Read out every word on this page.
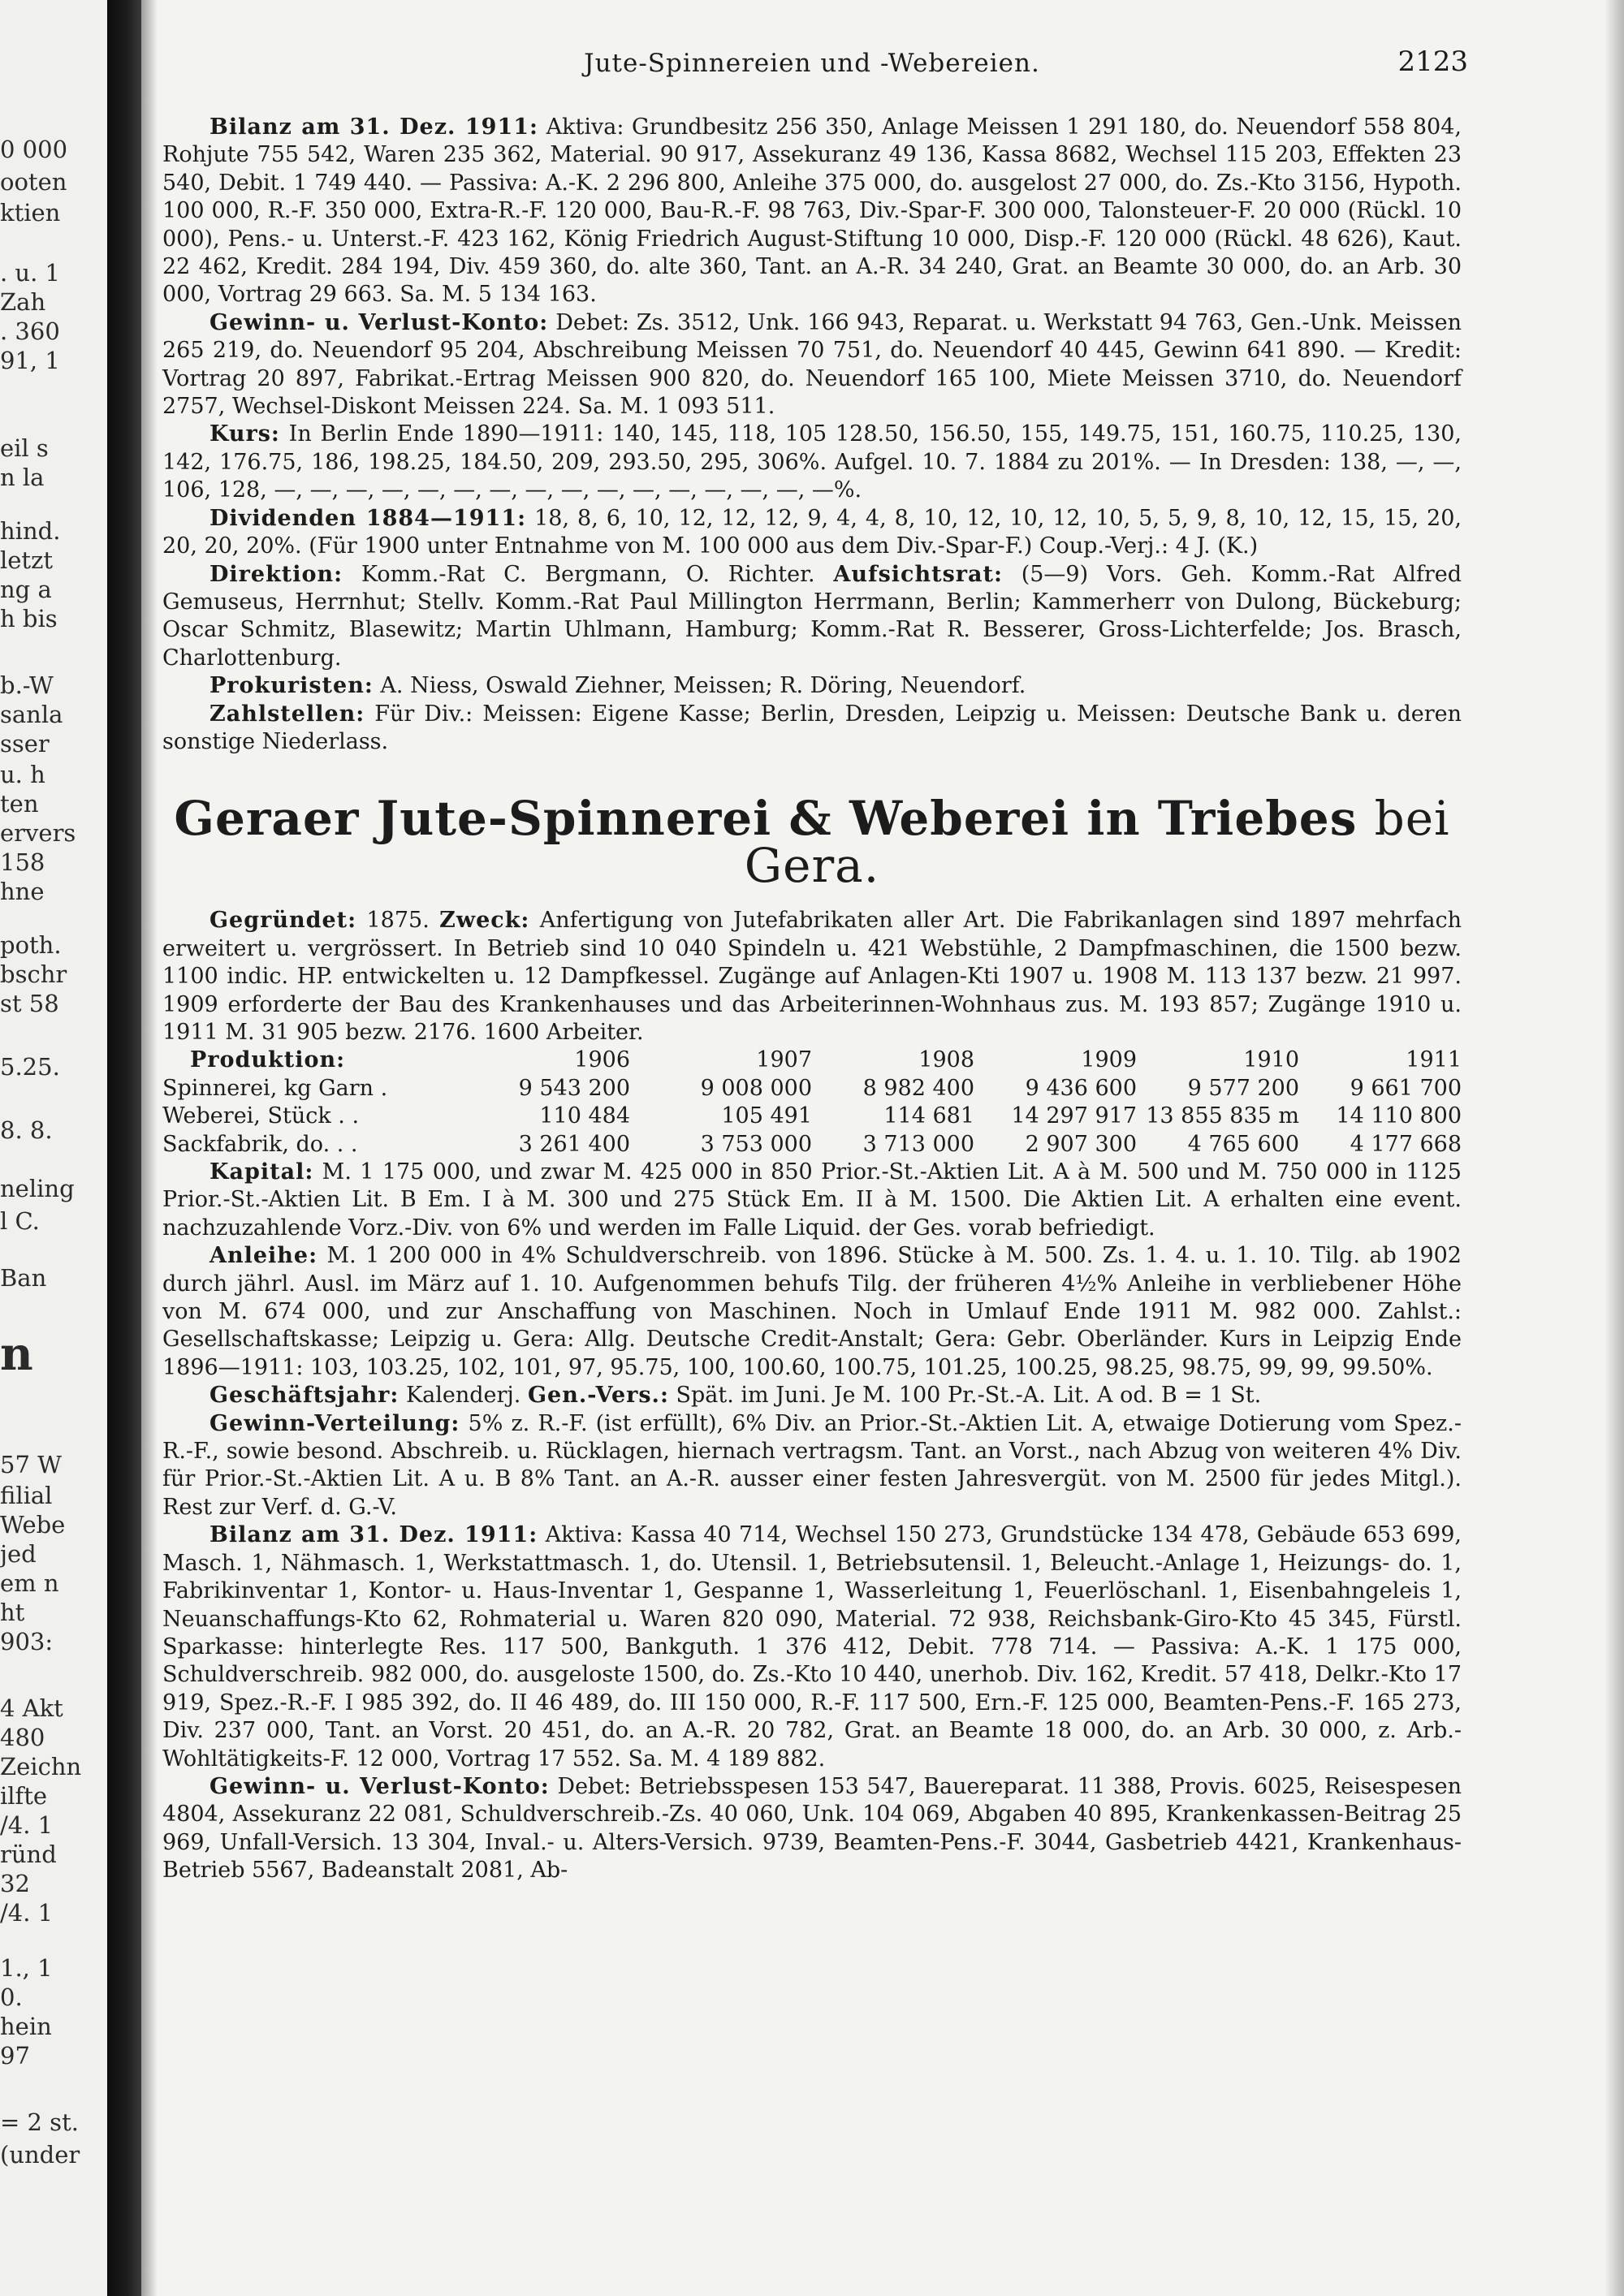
0 000
ooten
ktien
. u. 1
Zah
. 360
91, 1
eil s
n la
hind.
letzt
ng a
h bis
b.-W
sanla
sser
u. h
ten
ervers
158
hne
poth.
bschr
st 58
5.25.
8. 8.
neling
l C.
Ban
n
57 W
filial
Webe
jed
em n
ht
903:
4 Akt
480
Zeichn
ilfte
/4. 1
ründ
32
/4. 1
1., 1
0.
hein
97
= 2 st.
(under
Jute-Spinnereien und -Webereien.	2123

Bilanz am 31. Dez. 1911: Aktiva: Grundbesitz 256 350, Anlage Meissen 1 291 180, do. Neuendorf 558 804, Rohjute 755 542, Waren 235 362, Material. 90 917, Assekuranz 49 136, Kassa 8682, Wechsel 115 203, Effekten 23 540, Debit. 1 749 440. — Passiva: A.-K. 2 296 800, Anleihe 375 000, do. ausgelost 27 000, do. Zs.-Kto 3156, Hypoth. 100 000, R.-F. 350 000, Extra-R.-F. 120 000, Bau-R.-F. 98 763, Div.-Spar-F. 300 000, Talonsteuer-F. 20 000 (Rückl. 10 000), Pens.- u. Unterst.-F. 423 162, König Friedrich August-Stiftung 10 000, Disp.-F. 120 000 (Rückl. 48 626), Kaut. 22 462, Kredit. 284 194, Div. 459 360, do. alte 360, Tant. an A.-R. 34 240, Grat. an Beamte 30 000, do. an Arb. 30 000, Vortrag 29 663. Sa. M. 5 134 163.

Gewinn- u. Verlust-Konto: Debet: Zs. 3512, Unk. 166 943, Reparat. u. Werkstatt 94 763, Gen.-Unk. Meissen 265 219, do. Neuendorf 95 204, Abschreibung Meissen 70 751, do. Neuendorf 40 445, Gewinn 641 890. — Kredit: Vortrag 20 897, Fabrikat.-Ertrag Meissen 900 820, do. Neuendorf 165 100, Miete Meissen 3710, do. Neuendorf 2757, Wechsel-Diskont Meissen 224. Sa. M. 1 093 511.

Kurs: In Berlin Ende 1890—1911: 140, 145, 118, 105 128.50, 156.50, 155, 149.75, 151, 160.75, 110.25, 130, 142, 176.75, 186, 198.25, 184.50, 209, 293.50, 295, 306%. Aufgel. 10. 7. 1884 zu 201%. — In Dresden: 138, —, —, 106, 128, —, —, —, —, —, —, —, —, —, —, —, —, —, —, —, —%.

Dividenden 1884—1911: 18, 8, 6, 10, 12, 12, 12, 9, 4, 4, 8, 10, 12, 10, 12, 10, 5, 5, 9, 8, 10, 12, 15, 15, 20, 20, 20, 20%. (Für 1900 unter Entnahme von M. 100 000 aus dem Div.-Spar-F.) Coup.-Verj.: 4 J. (K.)

Direktion: Komm.-Rat C. Bergmann, O. Richter. Aufsichtsrat: (5—9) Vors. Geh. Komm.-Rat Alfred Gemuseus, Herrnhut; Stellv. Komm.-Rat Paul Millington Herrmann, Berlin; Kammerherr von Dulong, Bückeburg; Oscar Schmitz, Blasewitz; Martin Uhlmann, Hamburg; Komm.-Rat R. Besserer, Gross-Lichterfelde; Jos. Brasch, Charlottenburg.

Prokuristen: A. Niess, Oswald Ziehner, Meissen; R. Döring, Neuendorf.

Zahlstellen: Für Div.: Meissen: Eigene Kasse; Berlin, Dresden, Leipzig u. Meissen: Deutsche Bank u. deren sonstige Niederlass.

Geraer Jute-Spinnerei & Weberei in Triebes bei Gera.

Gegründet: 1875. Zweck: Anfertigung von Jutefabrikaten aller Art. Die Fabrikanlagen sind 1897 mehrfach erweitert u. vergrössert. In Betrieb sind 10 040 Spindeln u. 421 Webstühle, 2 Dampfmaschinen, die 1500 bezw. 1100 indic. HP. entwickelten u. 12 Dampfkessel. Zugänge auf Anlagen-Kti 1907 u. 1908 M. 113 137 bezw. 21 997. 1909 erforderte der Bau des Krankenhauses und das Arbeiterinnen-Wohnhaus zus. M. 193 857; Zugänge 1910 u. 1911 M. 31 905 bezw. 2176. 1600 Arbeiter.

Produktion:	1906	1907	1908	1909	1910	1911
Spinnerei, kg Garn .	9 543 200	9 008 000	8 982 400	9 436 600	9 577 200	9 661 700
Weberei, Stück . .	110 484	105 491	114 681	14 297 917	13 855 835 m	14 110 800
Sackfabrik, do. . .	3 261 400	3 753 000	3 713 000	2 907 300	4 765 600	4 177 668

Kapital: M. 1 175 000, und zwar M. 425 000 in 850 Prior.-St.-Aktien Lit. A à M. 500 und M. 750 000 in 1125 Prior.-St.-Aktien Lit. B Em. I à M. 300 und 275 Stück Em. II à M. 1500. Die Aktien Lit. A erhalten eine event. nachzuzahlende Vorz.-Div. von 6% und werden im Falle Liquid. der Ges. vorab befriedigt.

Anleihe: M. 1 200 000 in 4% Schuldverschreib. von 1896. Stücke à M. 500. Zs. 1. 4. u. 1. 10. Tilg. ab 1902 durch jährl. Ausl. im März auf 1. 10. Aufgenommen behufs Tilg. der früheren 4½% Anleihe in verbliebener Höhe von M. 674 000, und zur Anschaffung von Maschinen. Noch in Umlauf Ende 1911 M. 982 000. Zahlst.: Gesellschaftskasse; Leipzig u. Gera: Allg. Deutsche Credit-Anstalt; Gera: Gebr. Oberländer. Kurs in Leipzig Ende 1896—1911: 103, 103.25, 102, 101, 97, 95.75, 100, 100.60, 100.75, 101.25, 100.25, 98.25, 98.75, 99, 99, 99.50%.

Geschäftsjahr: Kalenderj. Gen.-Vers.: Spät. im Juni. Je M. 100 Pr.-St.-A. Lit. A od. B = 1 St.

Gewinn-Verteilung: 5% z. R.-F. (ist erfüllt), 6% Div. an Prior.-St.-Aktien Lit. A, etwaige Dotierung vom Spez.-R.-F., sowie besond. Abschreib. u. Rücklagen, hiernach vertragsm. Tant. an Vorst., nach Abzug von weiteren 4% Div. für Prior.-St.-Aktien Lit. A u. B 8% Tant. an A.-R. ausser einer festen Jahresvergüt. von M. 2500 für jedes Mitgl.). Rest zur Verf. d. G.-V.

Bilanz am 31. Dez. 1911: Aktiva: Kassa 40 714, Wechsel 150 273, Grundstücke 134 478, Gebäude 653 699, Masch. 1, Nähmasch. 1, Werkstattmasch. 1, do. Utensil. 1, Betriebsutensil. 1, Beleucht.-Anlage 1, Heizungs- do. 1, Fabrikinventar 1, Kontor- u. Haus-Inventar 1, Gespanne 1, Wasserleitung 1, Feuerlöschanl. 1, Eisenbahngeleis 1, Neuanschaffungs-Kto 62, Rohmaterial u. Waren 820 090, Material. 72 938, Reichsbank-Giro-Kto 45 345, Fürstl. Sparkasse: hinterlegte Res. 117 500, Bankguth. 1 376 412, Debit. 778 714. — Passiva: A.-K. 1 175 000, Schuldverschreib. 982 000, do. ausgeloste 1500, do. Zs.-Kto 10 440, unerhob. Div. 162, Kredit. 57 418, Delkr.-Kto 17 919, Spez.-R.-F. I 985 392, do. II 46 489, do. III 150 000, R.-F. 117 500, Ern.-F. 125 000, Beamten-Pens.-F. 165 273, Div. 237 000, Tant. an Vorst. 20 451, do. an A.-R. 20 782, Grat. an Beamte 18 000, do. an Arb. 30 000, z. Arb.-Wohltätigkeits-F. 12 000, Vortrag 17 552. Sa. M. 4 189 882.

Gewinn- u. Verlust-Konto: Debet: Betriebsspesen 153 547, Bauereparat. 11 388, Provis. 6025, Reisespesen 4804, Assekuranz 22 081, Schuldverschreib.-Zs. 40 060, Unk. 104 069, Abgaben 40 895, Krankenkassen-Beitrag 25 969, Unfall-Versich. 13 304, Inval.- u. Alters-Versich. 9739, Beamten-Pens.-F. 3044, Gasbetrieb 4421, Krankenhaus-Betrieb 5567, Badeanstalt 2081, Ab-
